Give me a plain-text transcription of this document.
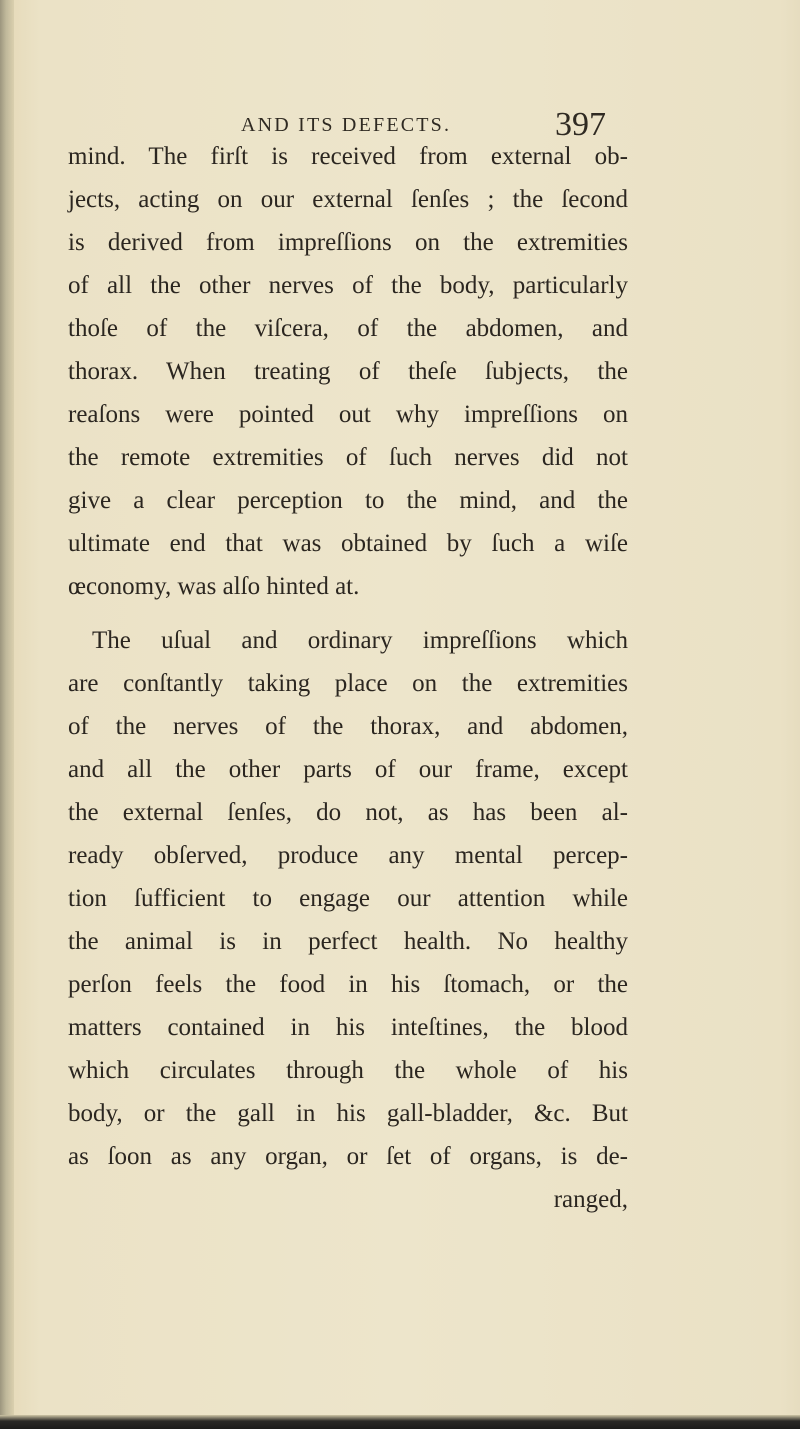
AND ITS DEFECTS.	397
mind. The firſt is received from external ob-
jects, acting on our external ſenſes ; the ſecond
is derived from impreſſions on the extremities
of all the other nerves of the body, particularly
thoſe of the viſcera, of the abdomen, and
thorax. When treating of theſe ſubjects, the
reaſons were pointed out why impreſſions on
the remote extremities of ſuch nerves did not
give a clear perception to the mind, and the
ultimate end that was obtained by ſuch a wiſe
œconomy, was alſo hinted at.
The uſual and ordinary impreſſions which
are conſtantly taking place on the extremities
of the nerves of the thorax, and abdomen,
and all the other parts of our frame, except
the external ſenſes, do not, as has been al-
ready obſerved, produce any mental percep-
tion ſufficient to engage our attention while
the animal is in perfect health. No healthy
perſon feels the food in his ſtomach, or the
matters contained in his inteſtines, the blood
which circulates through the whole of his
body, or the gall in his gall-bladder, &c. But
as ſoon as any organ, or ſet of organs, is de-
ranged,
